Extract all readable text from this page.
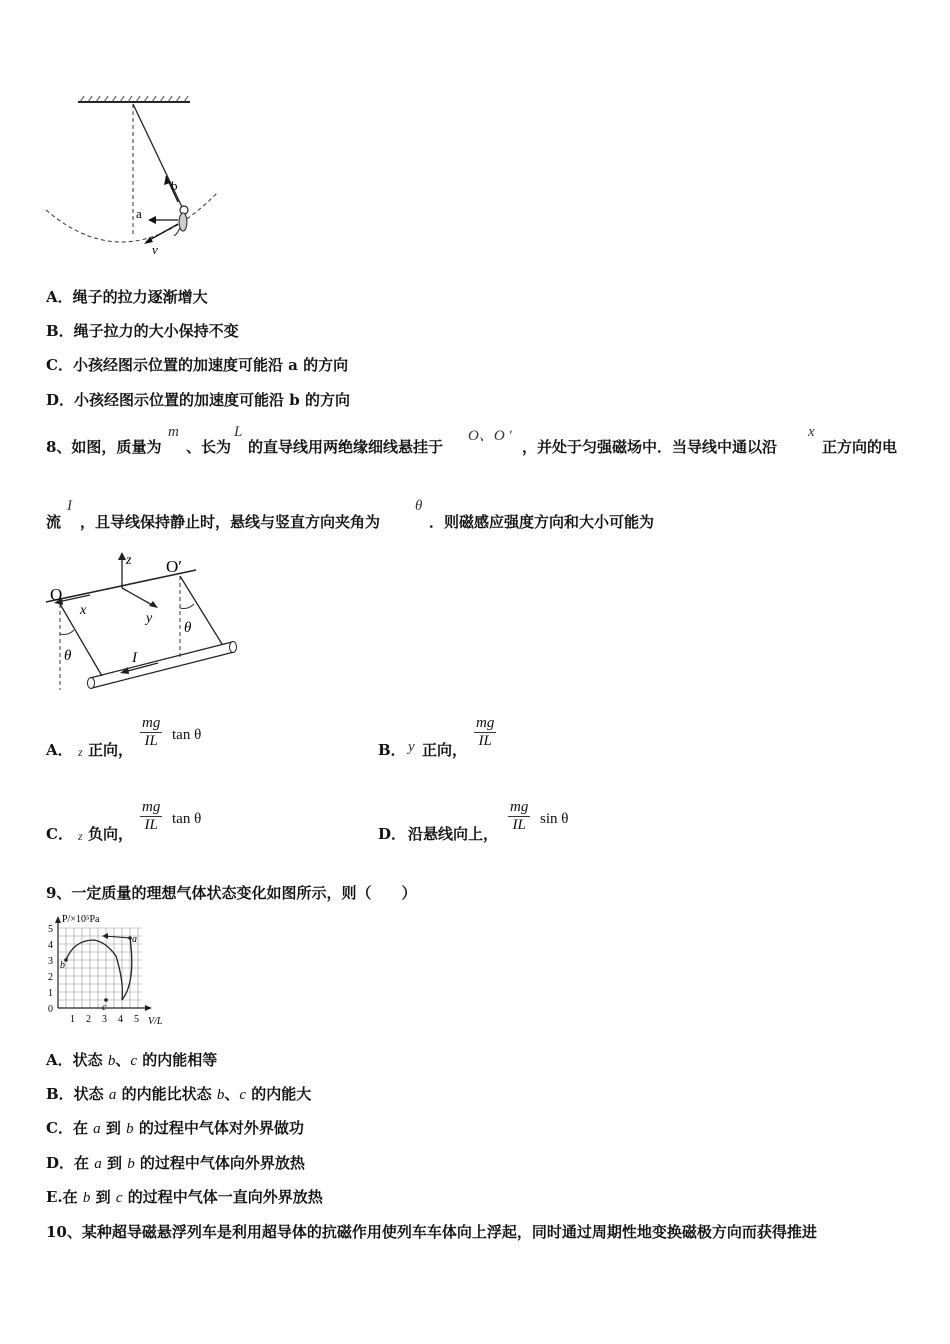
b
a
v
A．绳子的拉力逐渐增大
B．绳子拉力的大小保持不变
C．小孩经图示位置的加速度可能沿 a 的方向
D．小孩经图示位置的加速度可能沿 b 的方向
8、如图，质量为
m
、长为
L
的直导线用两绝缘细线悬挂于
O、O '
，并处于匀强磁场中．当导线中通以沿
x
正方向的电
流
I
，且导线保持静止时，悬线与竖直方向夹角为
θ
．则磁感应强度方向和大小可能为
z
O
O′
x
y
θ
θ
I
A． z 正向， $\frac{mg}{IL}$ tan θ
B． y 正向， $\frac{mg}{IL}$
C． z 负向， $\frac{mg}{IL}$ tan θ
D． 沿悬线向上， $\frac{mg}{IL}$ sin θ
9、一定质量的理想气体状态变化如图所示，则（　　）
P/×10⁵Pa
V/L
1
2
3
4
5
0
1 2 3 4 5
a
b
c
A．状态 b、c 的内能相等
B．状态 a 的内能比状态 b、c 的内能大
C．在 a 到 b 的过程中气体对外界做功
D．在 a 到 b 的过程中气体向外界放热
E.在 b 到 c 的过程中气体一直向外界放热
10、某种超导磁悬浮列车是利用超导体的抗磁作用使列车车体向上浮起，同时通过周期性地变换磁极方向而获得推进
